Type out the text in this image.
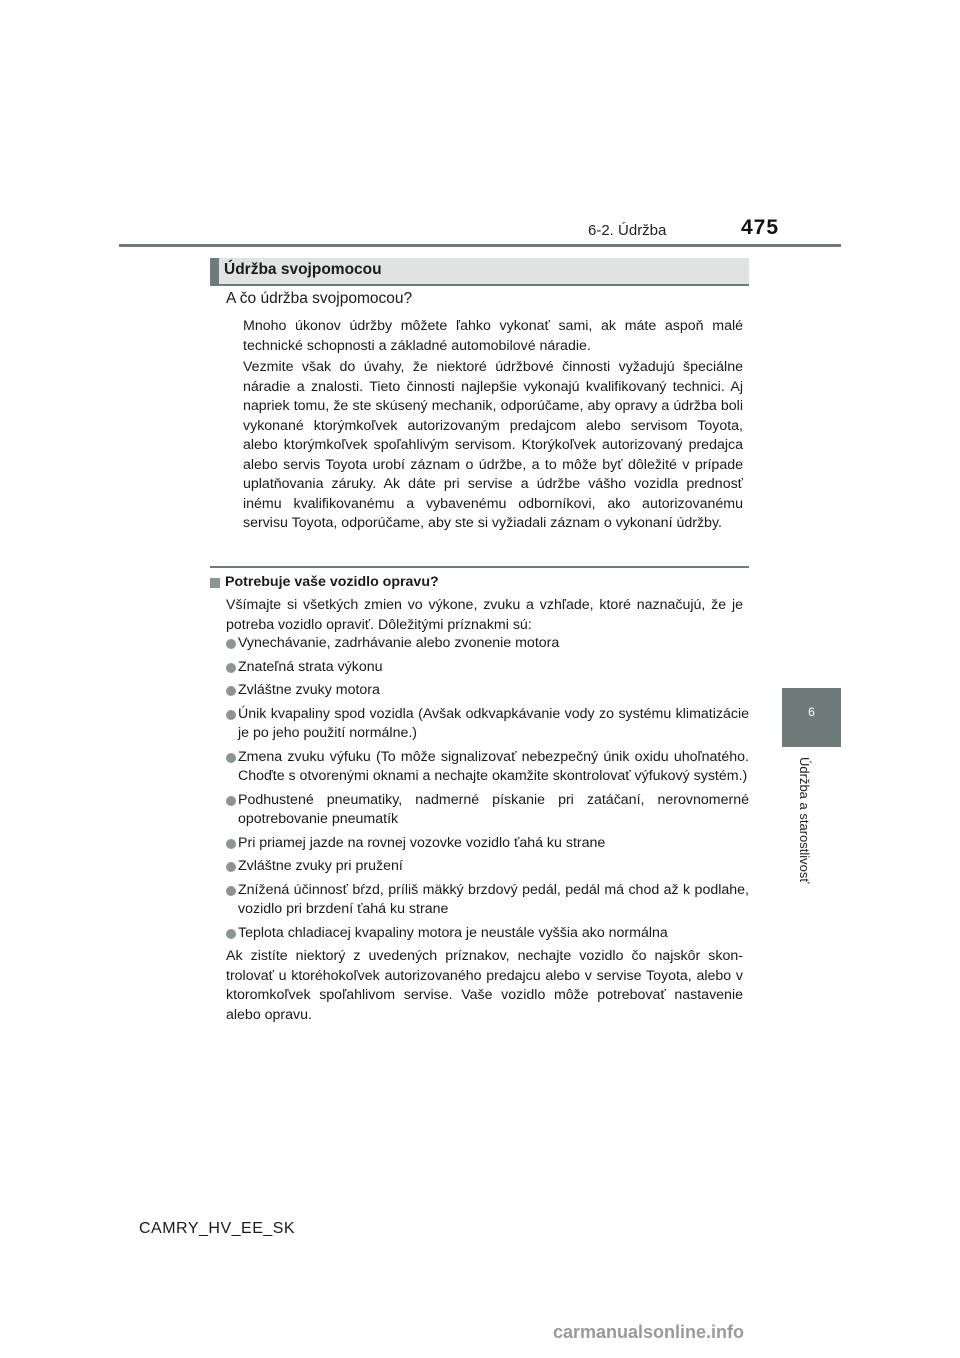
6-2. Údržba	475
6
Údržba a starostlivosť
Údržba svojpomocou
A čo údržba svojpomocou?
Mnoho úkonov údržby môžete ľahko vykonať sami, ak máte aspoň malé technické schopnosti a základné automobilové náradie.
Vezmite však do úvahy, že niektoré údržbové činnosti vyžadujú špeciálne náradie a znalosti. Tieto činnosti najlepšie vykonajú kvalifikovaný technici. Aj napriek tomu, že ste skúsený mechanik, odporúčame, aby opravy a údržba boli vykonané ktorýmkoľvek autorizovaným predajcom alebo servisom Toyota, alebo ktorýmkoľvek spoľahlivým servisom. Ktorýkoľvek autorizovaný predajca alebo servis Toyota urobí záznam o údržbe, a to môže byť dôležité v prípade uplatňovania záruky. Ak dáte pri servise a údržbe vášho vozidla prednosť inému kvalifikovanému a vybavenému odborníkovi, ako autorizovanému servisu Toyota, odporúčame, aby ste si vyžiadali záznam o vykonaní údržby.
Potrebuje vaše vozidlo opravu?
Všímajte si všetkých zmien vo výkone, zvuku a vzhľade, ktoré naznačujú, že je potreba vozidlo opraviť. Dôležitými príznakmi sú:
Vynechávanie, zadrhávanie alebo zvonenie motora
Znateľná strata výkonu
Zvláštne zvuky motora
Únik kvapaliny spod vozidla (Avšak odkvapkávanie vody zo systému klimatizácie je po jeho použití normálne.)
Zmena zvuku výfuku (To môže signalizovať nebezpečný únik oxidu uhoľnatého. Choďte s otvorenými oknami a nechajte okamžite skontrolovať výfukový systém.)
Podhustené pneumatiky, nadmerné pískanie pri zatáčaní, nerovnomerné opotrebovanie pneumatík
Pri priamej jazde na rovnej vozovke vozidlo ťahá ku strane
Zvláštne zvuky pri pružení
Znížená účinnosť bŕzd, príliš mäkký brzdový pedál, pedál má chod až k podlahe, vozidlo pri brzdení ťahá ku strane
Teplota chladiacej kvapaliny motora je neustále vyššia ako normálna
Ak zistíte niektorý z uvedených príznakov, nechajte vozidlo čo najskôr skontrolovať u ktoréhokoľvek autorizovaného predajcu alebo v servise Toyota, alebo v ktoromkoľvek spoľahlivom servise. Vaše vozidlo môže potrebovať nastavenie alebo opravu.
CAMRY_HV_EE_SK
carmanualsonline.info
